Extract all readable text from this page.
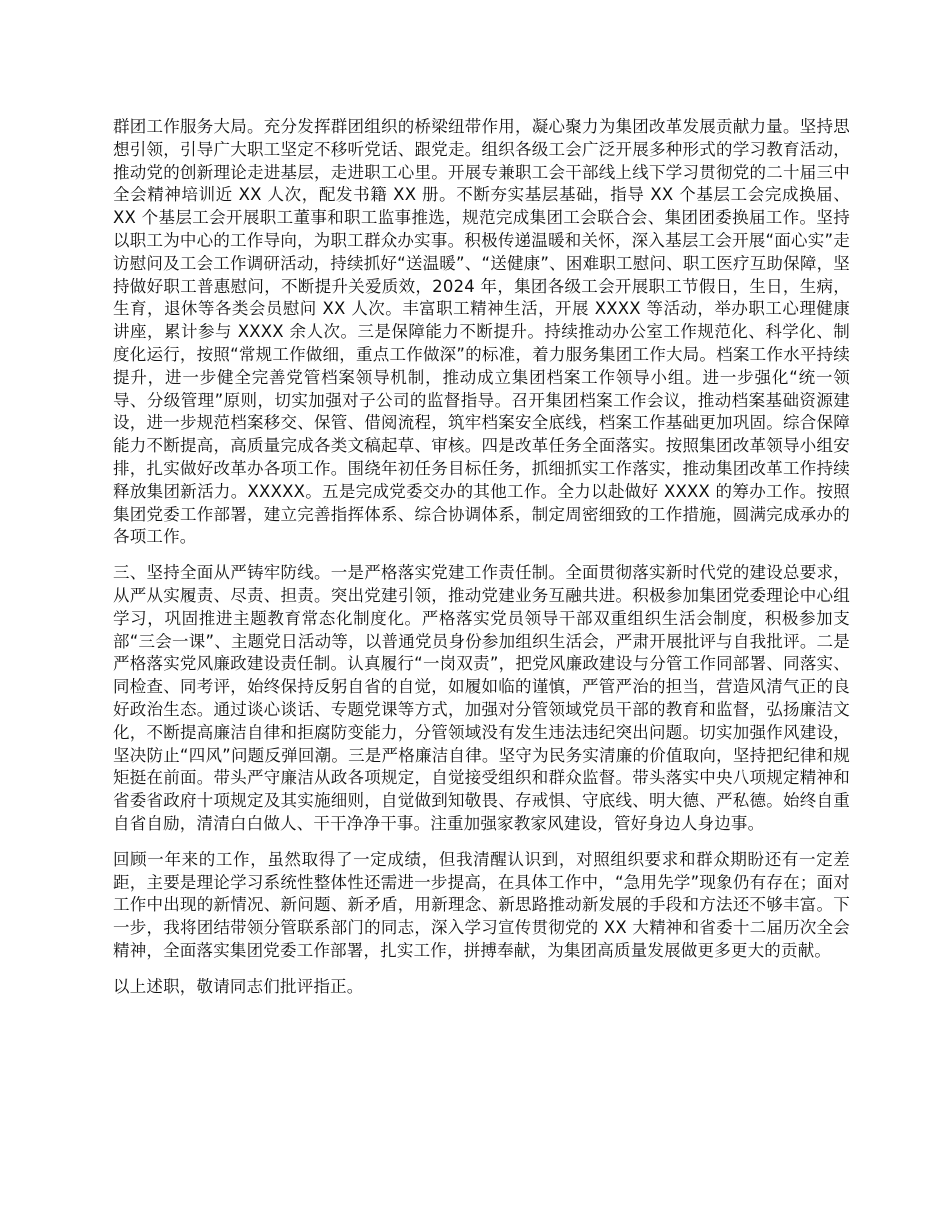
群团工作服务大局。充分发挥群团组织的桥梁纽带作用，凝心聚力为集团改革发展贡献力量。坚持思想引领，引导广大职工坚定不移听党话、跟党走。组织各级工会广泛开展多种形式的学习教育活动，推动党的创新理论走进基层，走进职工心里。开展专兼职工会干部线上线下学习贯彻党的二十届三中全会精神培训近 XX 人次，配发书籍 XX 册。不断夯实基层基础，指导 XX 个基层工会完成换届、XX 个基层工会开展职工董事和职工监事推选，规范完成集团工会联合会、集团团委换届工作。坚持以职工为中心的工作导向，为职工群众办实事。积极传递温暖和关怀，深入基层工会开展“面心实”走访慰问及工会工作调研活动，持续抓好“送温暖”、“送健康”、困难职工慰问、职工医疗互助保障，坚持做好职工普惠慰问，不断提升关爱质效，2024 年，集团各级工会开展职工节假日，生日，生病，生育，退休等各类会员慰问 XX 人次。丰富职工精神生活，开展 XXXX 等活动，举办职工心理健康讲座，累计参与 XXXX 余人次。三是保障能力不断提升。持续推动办公室工作规范化、科学化、制度化运行，按照“常规工作做细，重点工作做深”的标准，着力服务集团工作大局。档案工作水平持续提升，进一步健全完善党管档案领导机制，推动成立集团档案工作领导小组。进一步强化“统一领导、分级管理”原则，切实加强对子公司的监督指导。召开集团档案工作会议，推动档案基础资源建设，进一步规范档案移交、保管、借阅流程，筑牢档案安全底线，档案工作基础更加巩固。综合保障能力不断提高，高质量完成各类文稿起草、审核。四是改革任务全面落实。按照集团改革领导小组安排，扎实做好改革办各项工作。围绕年初任务目标任务，抓细抓实工作落实，推动集团改革工作持续释放集团新活力。XXXXX。五是完成党委交办的其他工作。全力以赴做好 XXXX 的筹办工作。按照集团党委工作部署，建立完善指挥体系、综合协调体系，制定周密细致的工作措施，圆满完成承办的各项工作。

三、坚持全面从严铸牢防线。一是严格落实党建工作责任制。全面贯彻落实新时代党的建设总要求，从严从实履责、尽责、担责。突出党建引领，推动党建业务互融共进。积极参加集团党委理论中心组学习，巩固推进主题教育常态化制度化。严格落实党员领导干部双重组织生活会制度，积极参加支部“三会一课”、主题党日活动等，以普通党员身份参加组织生活会，严肃开展批评与自我批评。二是严格落实党风廉政建设责任制。认真履行“一岗双责”，把党风廉政建设与分管工作同部署、同落实、同检查、同考评，始终保持反躬自省的自觉，如履如临的谨慎，严管严治的担当，营造风清气正的良好政治生态。通过谈心谈话、专题党课等方式，加强对分管领域党员干部的教育和监督，弘扬廉洁文化，不断提高廉洁自律和拒腐防变能力，分管领域没有发生违法违纪突出问题。切实加强作风建设，坚决防止“四风”问题反弹回潮。三是严格廉洁自律。坚守为民务实清廉的价值取向，坚持把纪律和规矩挺在前面。带头严守廉洁从政各项规定，自觉接受组织和群众监督。带头落实中央八项规定精神和省委省政府十项规定及其实施细则，自觉做到知敬畏、存戒惧、守底线、明大德、严私德。始终自重自省自励，清清白白做人、干干净净干事。注重加强家教家风建设，管好身边人身边事。

回顾一年来的工作，虽然取得了一定成绩，但我清醒认识到，对照组织要求和群众期盼还有一定差距，主要是理论学习系统性整体性还需进一步提高，在具体工作中，“急用先学”现象仍有存在；面对工作中出现的新情况、新问题、新矛盾，用新理念、新思路推动新发展的手段和方法还不够丰富。下一步，我将团结带领分管联系部门的同志，深入学习宣传贯彻党的 XX 大精神和省委十二届历次全会精神，全面落实集团党委工作部署，扎实工作，拼搏奉献，为集团高质量发展做更多更大的贡献。

以上述职，敬请同志们批评指正。
